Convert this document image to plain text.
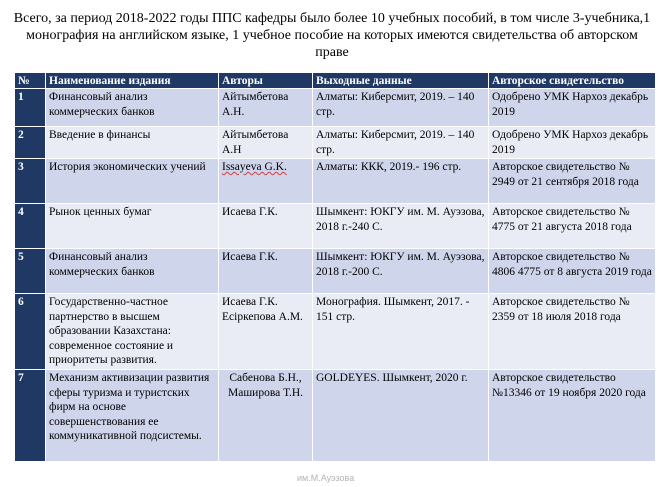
Всего, за период 2018-2022 годы ППС кафедры было более 10 учебных пособий, в том числе 3-учебника,1 монография на английском языке, 1 учебное пособие на которых имеются свидетельства об авторском праве
№	Наименование издания	Авторы	Выходные данные	Авторское свидетельство
1	Финансовый анализ коммерческих банков	Айтымбетова А.Н.	Алматы: Киберсмит, 2019. – 140 стр.	Одобрено УМК Нархоз декабрь 2019
2	Введение в финансы	Айтымбетова А.Н	Алматы: Киберсмит, 2019. – 140 стр.	Одобрено УМК Нархоз декабрь 2019
3	История экономических учений	Issayeva G.K.	Алматы: ККК, 2019.- 196 стр.	Авторское свидетельство № 2949 от 21 сентября 2018 года
4	Рынок ценных бумаг	Исаева Г.К.	Шымкент: ЮКГУ им. М. Ауэзова, 2018 г.-240 С.	Авторское свидетельство № 4775 от 21 августа 2018 года
5	Финансовый анализ коммерческих банков	Исаева Г.К.	Шымкент: ЮКГУ им. М. Ауэзова, 2018 г.-200 С.	Авторское свидетельство № 4806 4775 от 8 августа 2019 года
6	Государственно-частное партнерство в высшем образовании Казахстана: современное состояние и приоритеты развития.	Исаева Г.К. Есіркепова А.М.	Монография. Шымкент, 2017. - 151 стр.	Авторское свидетельство № 2359 от 18 июля 2018 года
7	Механизм активизации развития сферы туризма и туристских фирм на основе совершенствования ее коммуникативной подсистемы.	Сабенова Б.Н., Маширова Т.Н.	GOLDEYES. Шымкент, 2020 г.	Авторское свидетельство №13346 от 19 ноября 2020 года
им.М.Ауэзова
